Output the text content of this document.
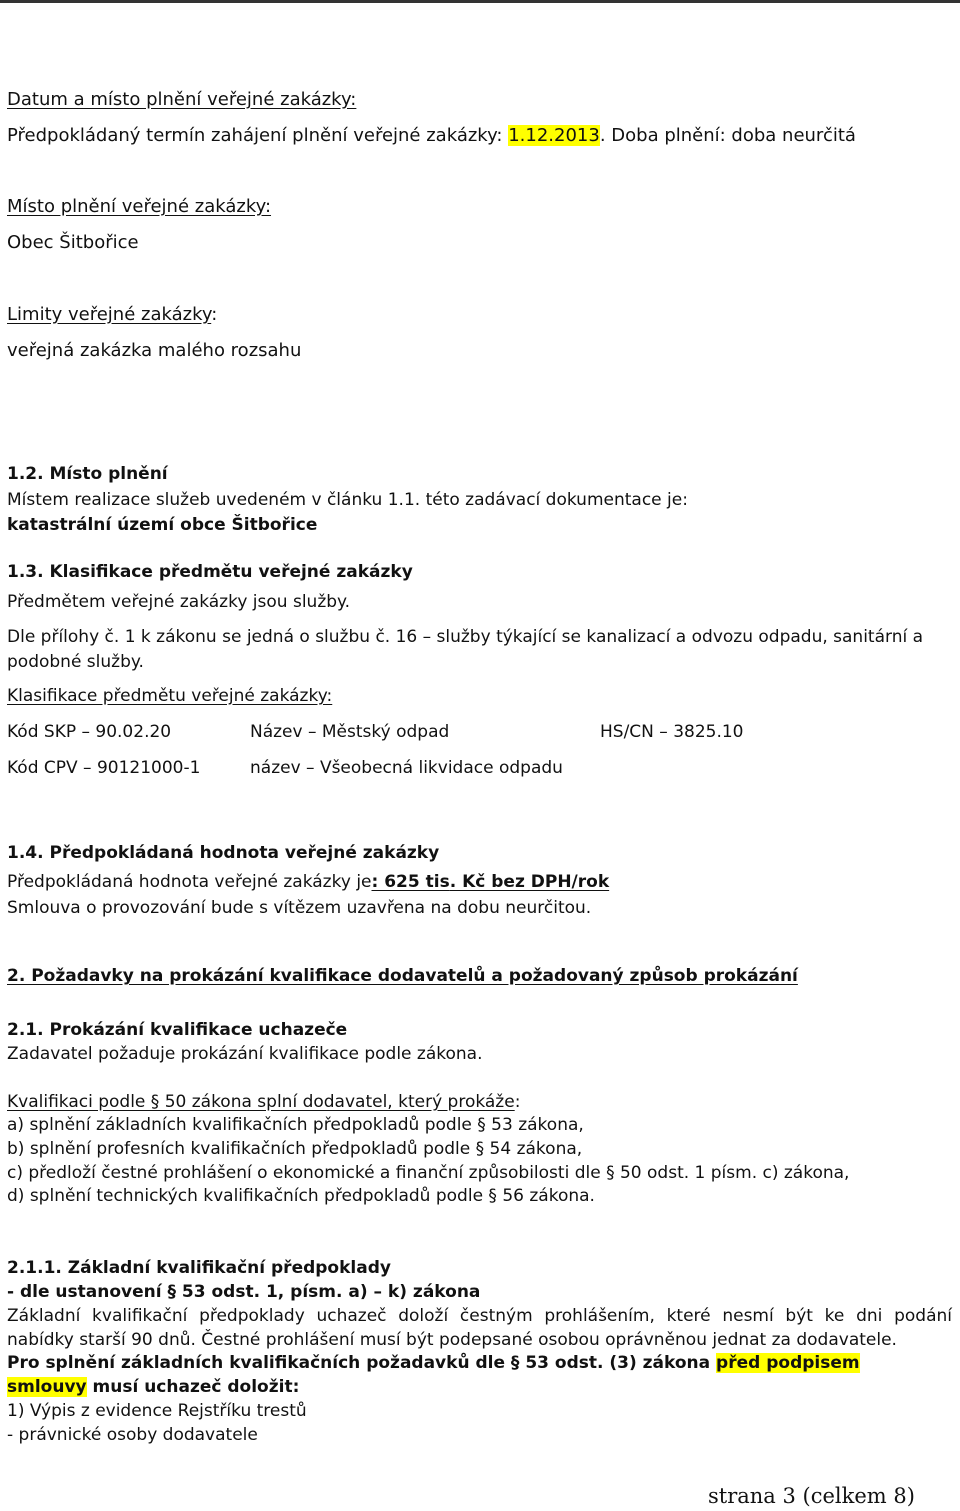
Datum a místo plnění veřejné zakázky:
Předpokládaný termín zahájení plnění veřejné zakázky: 1.12.2013. Doba plnění: doba neurčitá
Místo plnění veřejné zakázky:
Obec Šitbořice
Limity veřejné zakázky:
veřejná zakázka malého rozsahu
1.2. Místo plnění
Místem realizace služeb uvedeném v článku 1.1. této zadávací dokumentace je:
katastrální území obce Šitbořice
1.3. Klasifikace předmětu veřejné zakázky
Předmětem veřejné zakázky jsou služby.
Dle přílohy č. 1 k zákonu se jedná o službu č. 16 – služby týkající se kanalizací a odvozu odpadu, sanitární a
podobné služby.
Klasifikace předmětu veřejné zakázky:
Kód SKP – 90.02.20	Název – Městský odpad	HS/CN – 3825.10
Kód CPV – 90121000-1	název – Všeobecná likvidace odpadu
1.4. Předpokládaná hodnota veřejné zakázky
Předpokládaná hodnota veřejné zakázky je: 625 tis. Kč bez DPH/rok
Smlouva o provozování bude s vítězem uzavřena na dobu neurčitou.
2. Požadavky na prokázání kvalifikace dodavatelů a požadovaný způsob prokázání
2.1. Prokázání kvalifikace uchazeče
Zadavatel požaduje prokázání kvalifikace podle zákona.
Kvalifikaci podle § 50 zákona splní dodavatel, který prokáže:
a) splnění základních kvalifikačních předpokladů podle § 53 zákona,
b) splnění profesních kvalifikačních předpokladů podle § 54 zákona,
c) předloží čestné prohlášení o ekonomické a finanční způsobilosti dle § 50 odst. 1 písm. c) zákona,
d) splnění technických kvalifikačních předpokladů podle § 56 zákona.
2.1.1. Základní kvalifikační předpoklady
- dle ustanovení § 53 odst. 1, písm. a) – k) zákona
Základní kvalifikační předpoklady uchazeč doloží čestným prohlášením, které nesmí být ke dni podání
nabídky starší 90 dnů. Čestné prohlášení musí být podepsané osobou oprávněnou jednat za dodavatele.
Pro splnění základních kvalifikačních požadavků dle § 53 odst. (3) zákona před podpisem
smlouvy musí uchazeč doložit:
1) Výpis z evidence Rejstříku trestů
- právnické osoby dodavatele
strana 3 (celkem 8)
